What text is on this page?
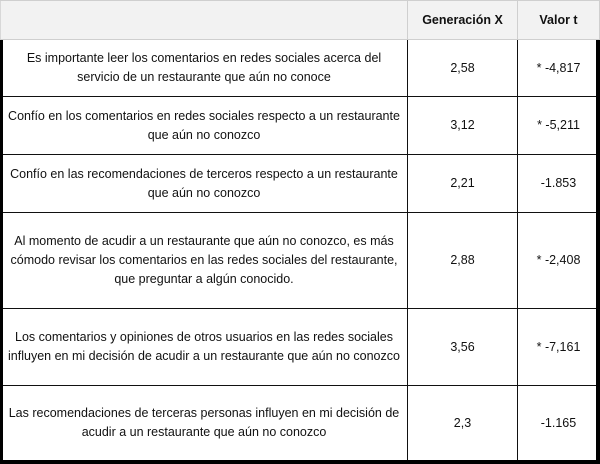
	Generación X	Valor t
Es importante leer los comentarios en redes sociales acerca del servicio de un restaurante que aún no conoce	2,58	* -4,817
Confío en los comentarios en redes sociales respecto a un restaurante que aún no conozco	3,12	* -5,211
Confío en las recomendaciones de terceros respecto a un restaurante que aún no conozco	2,21	-1.853
Al momento de acudir a un restaurante que aún no conozco, es más cómodo revisar los comentarios en las redes sociales del restaurante, que preguntar a algún conocido.	2,88	* -2,408
Los comentarios y opiniones de otros usuarios en las redes sociales influyen en mi decisión de acudir a un restaurante que aún no conozco	3,56	* -7,161
Las recomendaciones de terceras personas influyen en mi decisión de acudir a un restaurante que aún no conozco	2,3	-1.165
